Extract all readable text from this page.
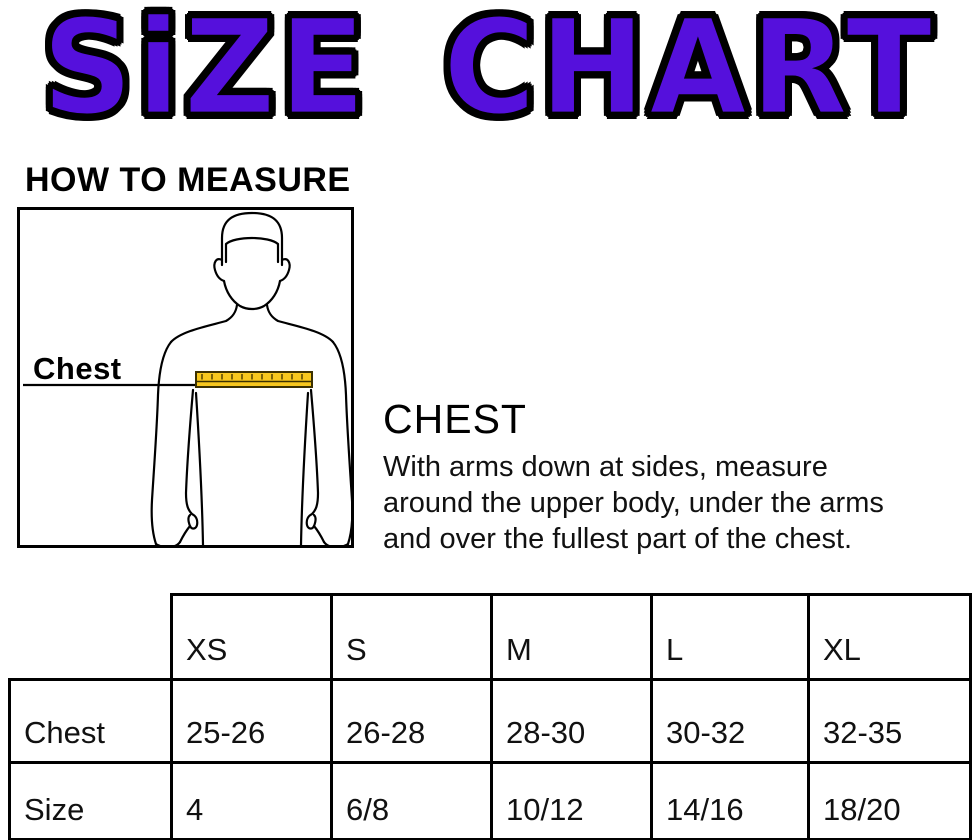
SiZE CHART
HOW TO MEASURE
Chest
CHEST
With arms down at sides, measure
around the upper body, under the arms
and over the fullest part of the chest.
	XS	S	M	L	XL
Chest	25-26	26-28	28-30	30-32	32-35
Size	4	6/8	10/12	14/16	18/20
